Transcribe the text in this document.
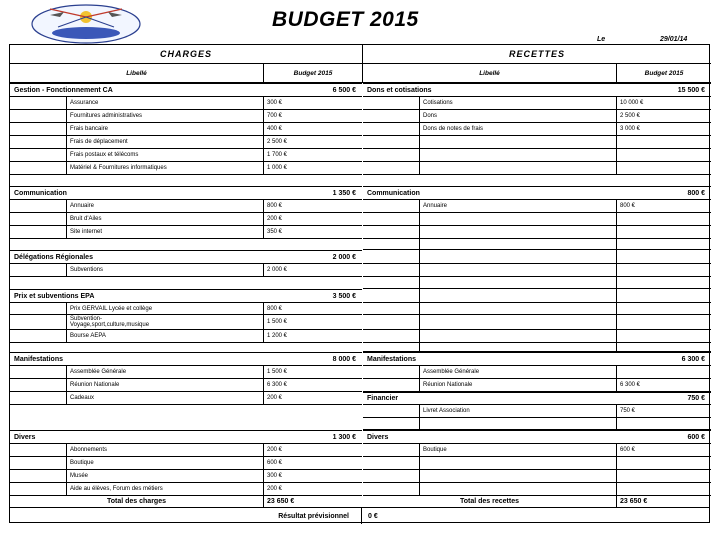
BUDGET 2015
Le	29/01/14
CHARGES
Libellé	Budget 2015
Gestion - Fonctionnement CA	6 500 €
Assurance	300 €
Fournitures administratives	700 €
Frais bancaire	400 €
Frais de déplacement	2 500 €
Frais postaux et télécoms	1 700 €
Matériel & Fournitures informatiques	1 000 €
Communication	1 350 €
Annuaire	800 €
Bruit d'Ailes	200 €
Site internet	350 €
Délégations Régionales	2 000 €
Subventions	2 000 €
Prix et subventions EPA	3 500 €
Prix GERVAIL Lycée et collège	800 €
Subvention-
Voyage,sport,culture,musique	1 500 €
Bourse AEPA	1 200 €
Manifestations	8 000 €
Assemblée Générale	1 500 €
Réunion Nationale	6 300 €
Cadeaux	200 €
Divers	1 300 €
Abonnements	200 €
Boutique	600 €
Musée	300 €
Aide au élèves, Forum des métiers	200 €
Total des charges	23 650 €
RECETTES
Libellé	Budget 2015
Dons et cotisations	15 500 €
Cotisations	10 000 €
Dons	2 500 €
Dons de notes de frais	3 000 €
Communication	800 €
Annuaire	800 €
Manifestations	6 300 €
Assemblée Générale
Réunion Nationale	6 300 €
Financier	750 €
Livret Association	750 €
Divers	600 €
Boutique	600 €
Total des recettes	23 650 €
Résultat prévisionnel	0 €
